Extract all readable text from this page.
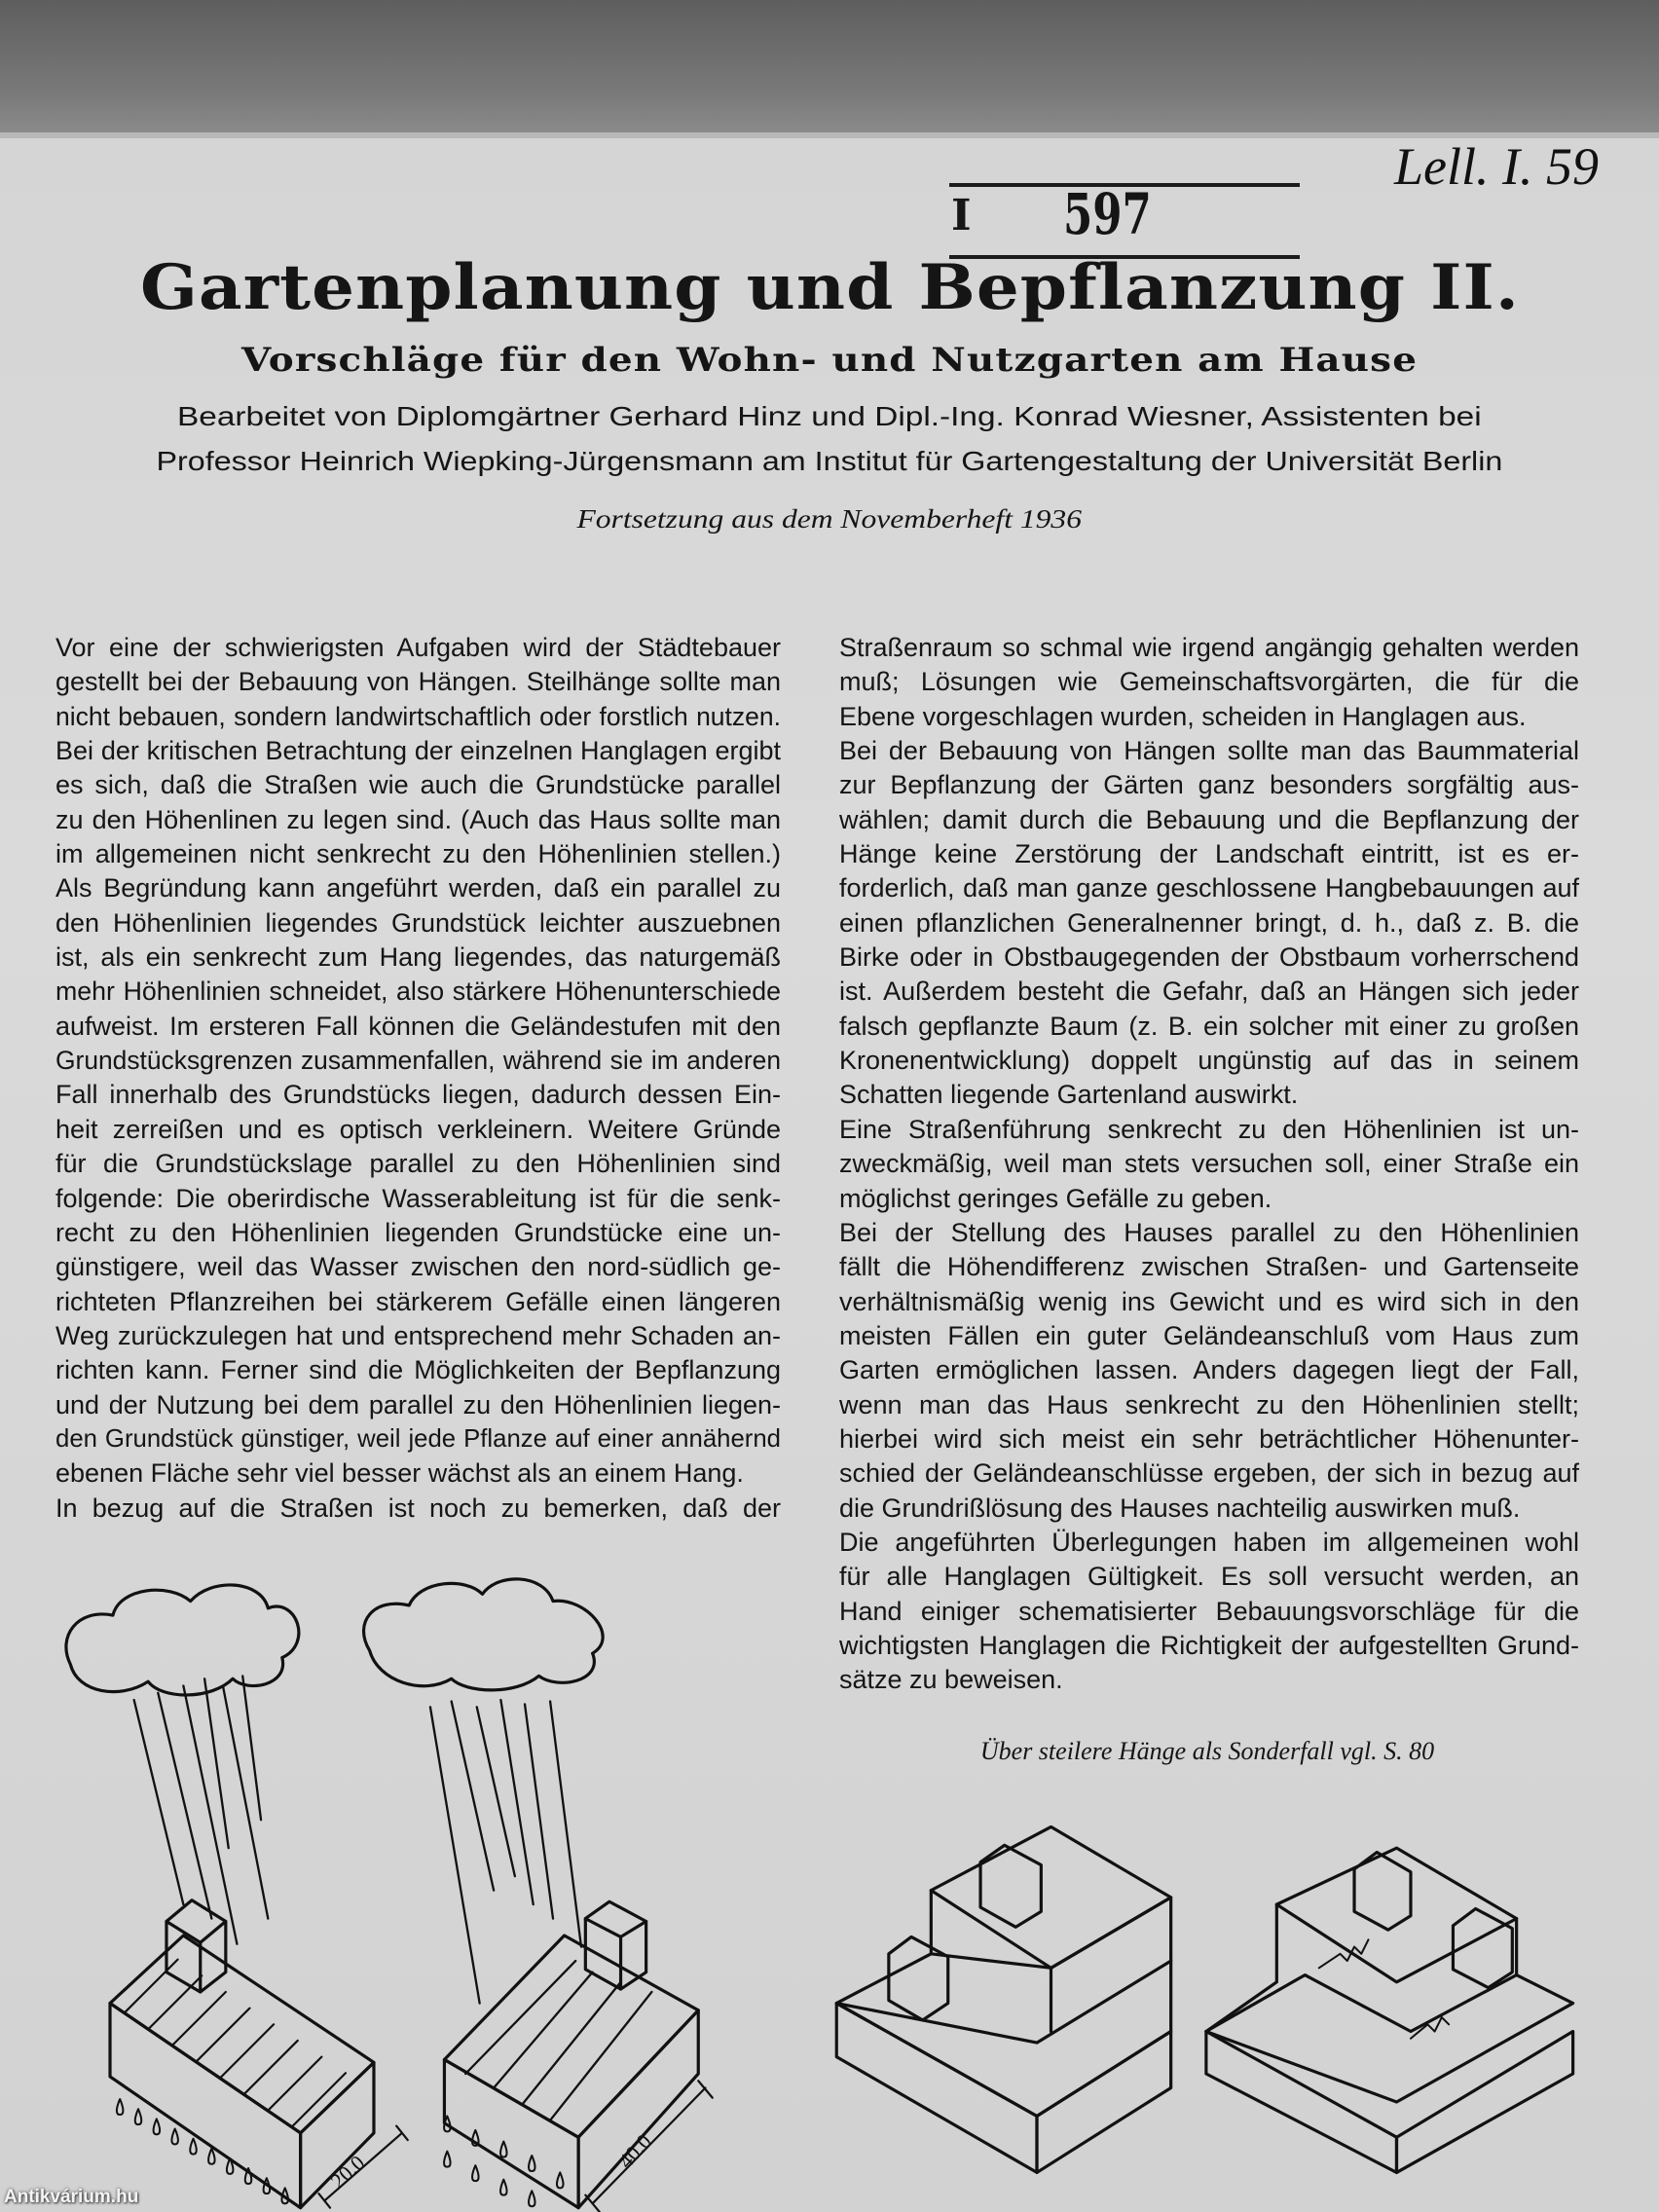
I 597
Lell. I. 59
Gartenplanung und Bepflanzung II.
Vorschläge für den Wohn- und Nutzgarten am Hause
Bearbeitet von Diplomgärtner Gerhard Hinz und Dipl.-Ing. Konrad Wiesner, Assistenten bei
Professor Heinrich Wiepking-Jürgensmann am Institut für Gartengestaltung der Universität Berlin
Fortsetzung aus dem Novemberheft 1936
Vor eine der schwierigsten Aufgaben wird der Städtebauer
gestellt bei der Bebauung von Hängen. Steilhänge sollte man
nicht bebauen, sondern landwirtschaftlich oder forstlich nutzen.
Bei der kritischen Betrachtung der einzelnen Hanglagen ergibt
es sich, daß die Straßen wie auch die Grundstücke parallel
zu den Höhenlinen zu legen sind. (Auch das Haus sollte man
im allgemeinen nicht senkrecht zu den Höhenlinien stellen.)
Als Begründung kann angeführt werden, daß ein parallel zu
den Höhenlinien liegendes Grundstück leichter auszuebnen
ist, als ein senkrecht zum Hang liegendes, das naturgemäß
mehr Höhenlinien schneidet, also stärkere Höhenunterschiede
aufweist. Im ersteren Fall können die Geländestufen mit den
Grundstücksgrenzen zusammenfallen, während sie im anderen
Fall innerhalb des Grundstücks liegen, dadurch dessen Ein-
heit zerreißen und es optisch verkleinern. Weitere Gründe
für die Grundstückslage parallel zu den Höhenlinien sind
folgende: Die oberirdische Wasserableitung ist für die senk-
recht zu den Höhenlinien liegenden Grundstücke eine un-
günstigere, weil das Wasser zwischen den nord-südlich ge-
richteten Pflanzreihen bei stärkerem Gefälle einen längeren
Weg zurückzulegen hat und entsprechend mehr Schaden an-
richten kann. Ferner sind die Möglichkeiten der Bepflanzung
und der Nutzung bei dem parallel zu den Höhenlinien liegen-
den Grundstück günstiger, weil jede Pflanze auf einer annähernd
ebenen Fläche sehr viel besser wächst als an einem Hang.
In bezug auf die Straßen ist noch zu bemerken, daß der
Straßenraum so schmal wie irgend angängig gehalten werden
muß; Lösungen wie Gemeinschaftsvorgärten, die für die
Ebene vorgeschlagen wurden, scheiden in Hanglagen aus.
Bei der Bebauung von Hängen sollte man das Baummaterial
zur Bepflanzung der Gärten ganz besonders sorgfältig aus-
wählen; damit durch die Bebauung und die Bepflanzung der
Hänge keine Zerstörung der Landschaft eintritt, ist es er-
forderlich, daß man ganze geschlossene Hangbebauungen auf
einen pflanzlichen Generalnenner bringt, d. h., daß z. B. die
Birke oder in Obstbaugegenden der Obstbaum vorherrschend
ist. Außerdem besteht die Gefahr, daß an Hängen sich jeder
falsch gepflanzte Baum (z. B. ein solcher mit einer zu großen
Kronenentwicklung) doppelt ungünstig auf das in seinem
Schatten liegende Gartenland auswirkt.
Eine Straßenführung senkrecht zu den Höhenlinien ist un-
zweckmäßig, weil man stets versuchen soll, einer Straße ein
möglichst geringes Gefälle zu geben.
Bei der Stellung des Hauses parallel zu den Höhenlinien
fällt die Höhendifferenz zwischen Straßen- und Gartenseite
verhältnismäßig wenig ins Gewicht und es wird sich in den
meisten Fällen ein guter Geländeanschluß vom Haus zum
Garten ermöglichen lassen. Anders dagegen liegt der Fall,
wenn man das Haus senkrecht zu den Höhenlinien stellt;
hierbei wird sich meist ein sehr beträchtlicher Höhenunter-
schied der Geländeanschlüsse ergeben, der sich in bezug auf
die Grundrißlösung des Hauses nachteilig auswirken muß.
Die angeführten Überlegungen haben im allgemeinen wohl
für alle Hanglagen Gültigkeit. Es soll versucht werden, an
Hand einiger schematisierter Bebauungsvorschläge für die
wichtigsten Hanglagen die Richtigkeit der aufgestellten Grund-
sätze zu beweisen.
Über steilere Hänge als Sonderfall vgl. S. 80
20.0	40.0
Antikvárium.hu
